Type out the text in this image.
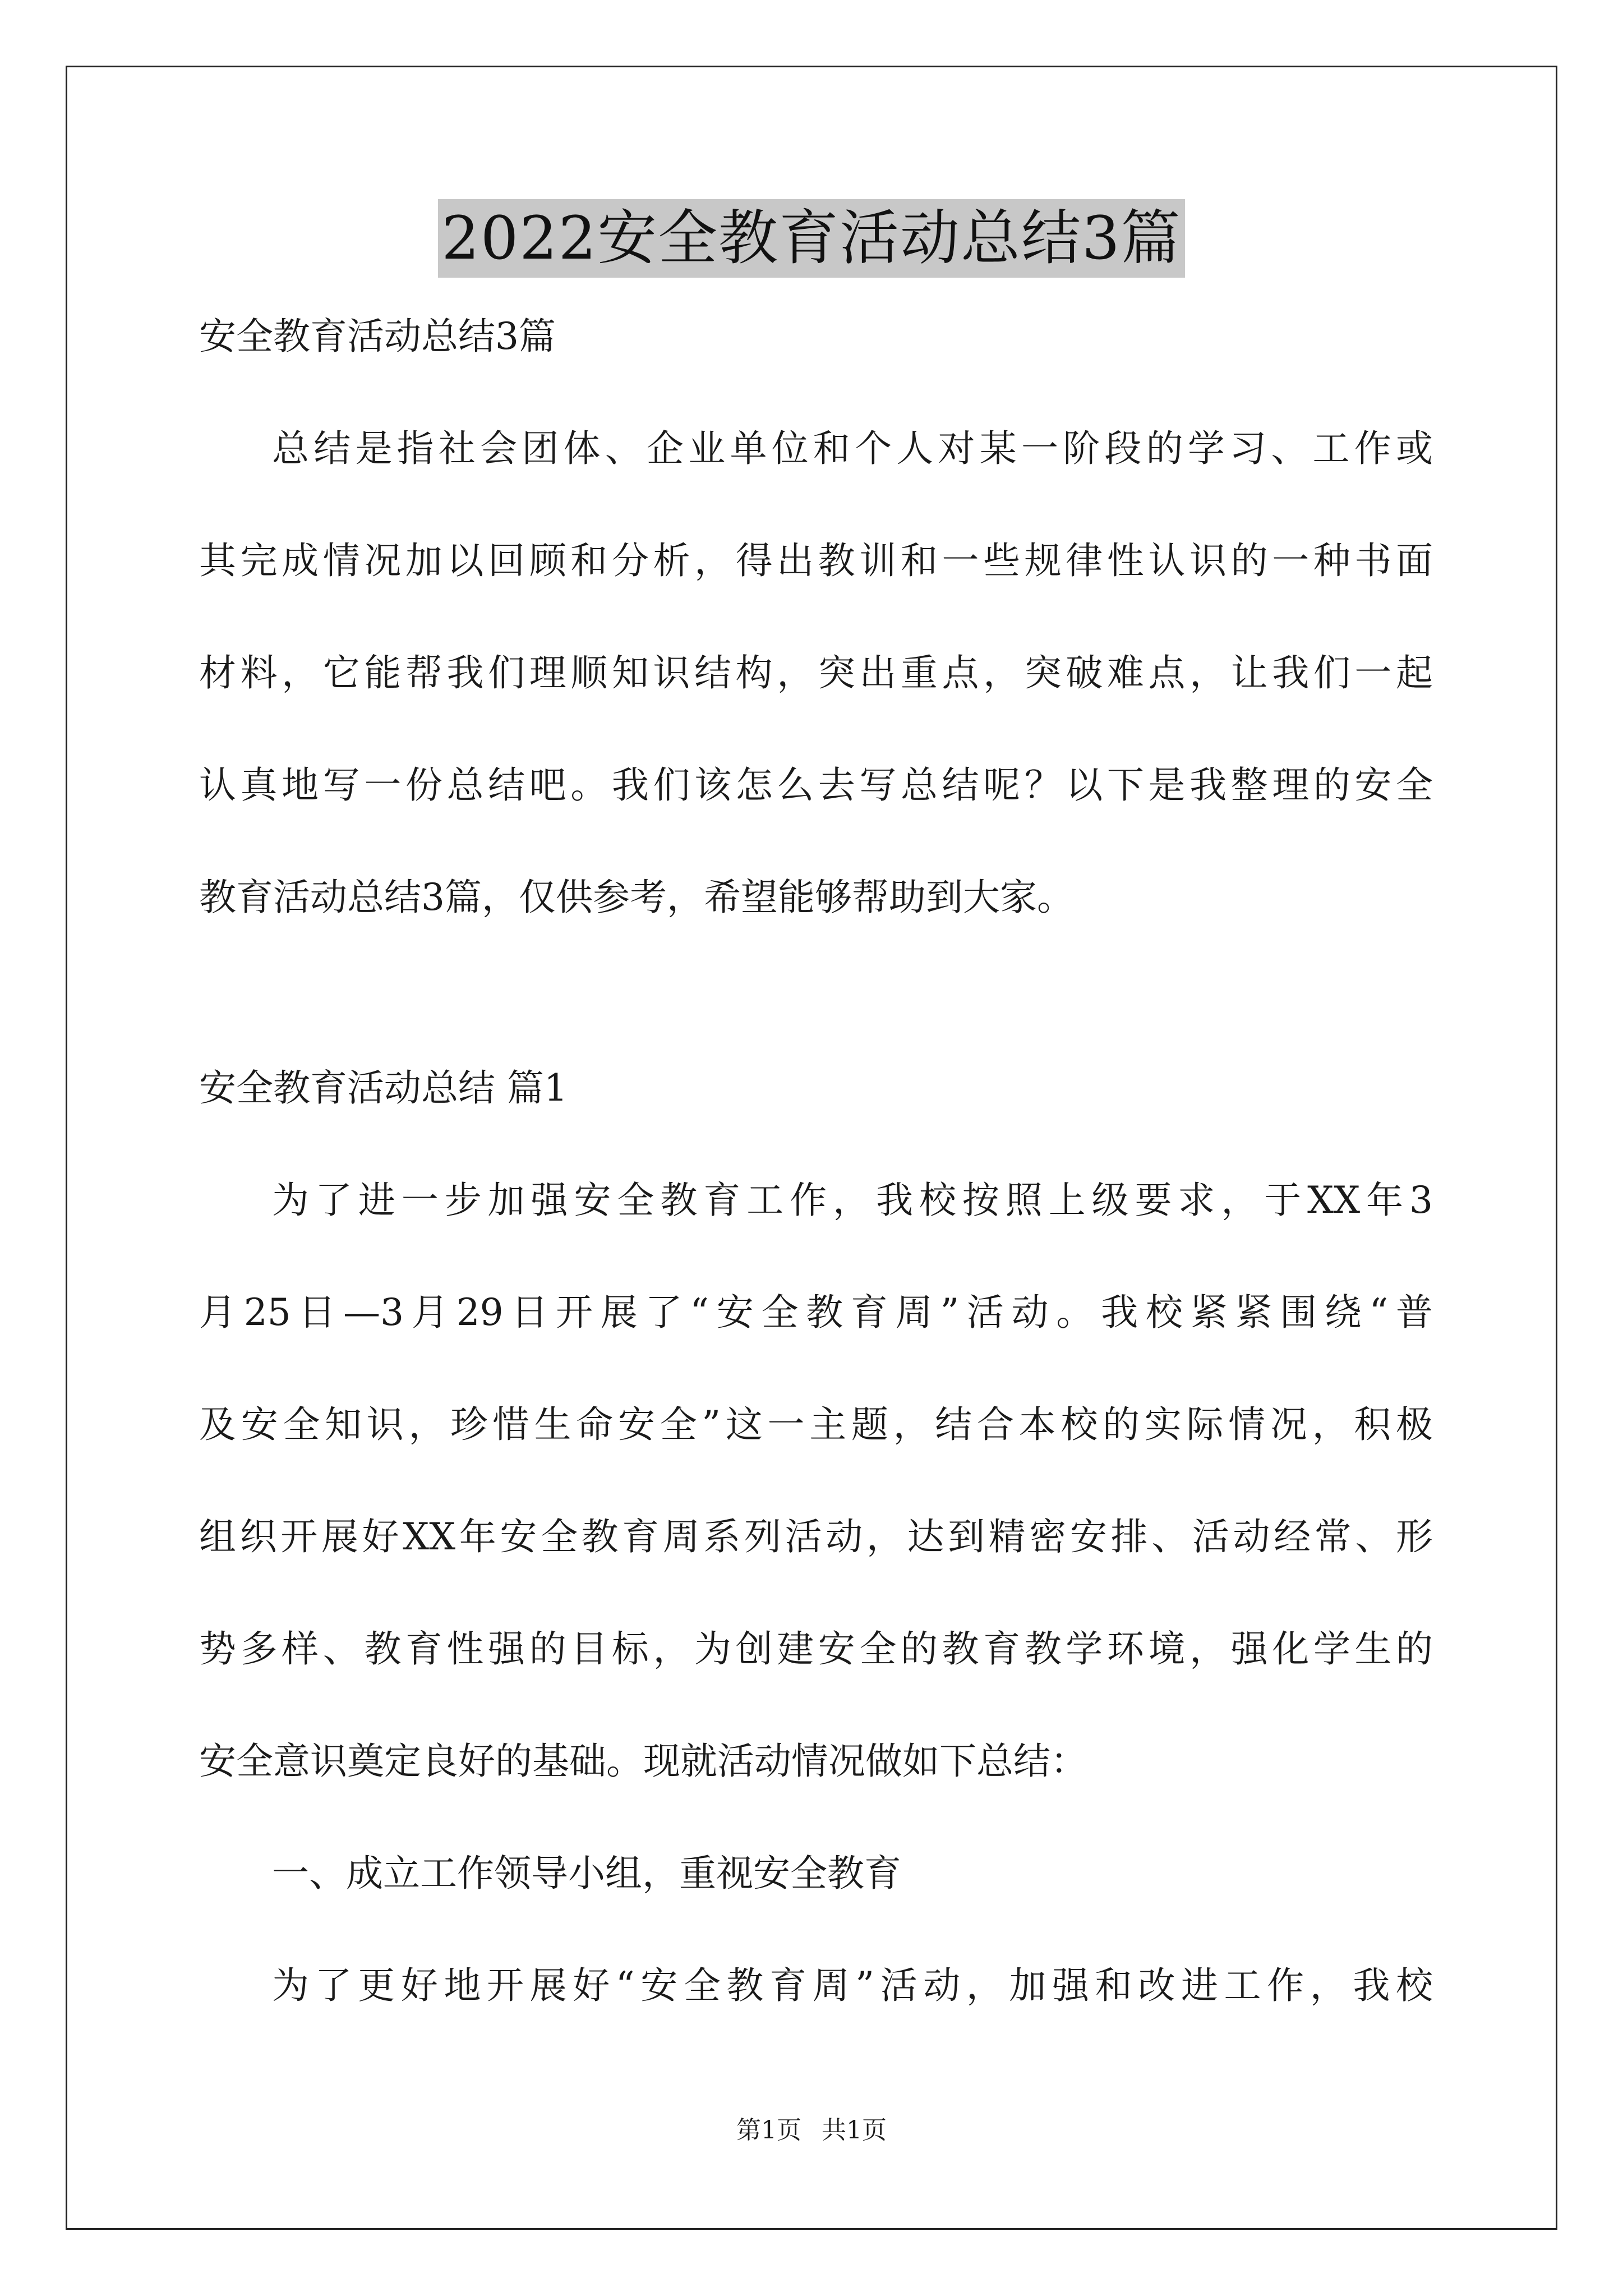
2022安全教育活动总结3篇
安全教育活动总结3篇
总结是指社会团体、企业单位和个人对某一阶段的学习、工作或
其完成情况加以回顾和分析，得出教训和一些规律性认识的一种书面
材料，它能帮我们理顺知识结构，突出重点，突破难点，让我们一起
认真地写一份总结吧。我们该怎么去写总结呢？以下是我整理的安全
教育活动总结3篇，仅供参考，希望能够帮助到大家。
安全教育活动总结 篇1
为了进一步加强安全教育工作，我校按照上级要求，于XX年3
月25日—3月29日开展了“安全教育周”活动。我校紧紧围绕“普
及安全知识，珍惜生命安全”这一主题，结合本校的实际情况，积极
组织开展好XX年安全教育周系列活动，达到精密安排、活动经常、形
势多样、教育性强的目标，为创建安全的教育教学环境，强化学生的
安全意识奠定良好的基础。现就活动情况做如下总结：
一、成立工作领导小组，重视安全教育
为了更好地开展好“安全教育周”活动，加强和改进工作，我校
第1页 共1页
